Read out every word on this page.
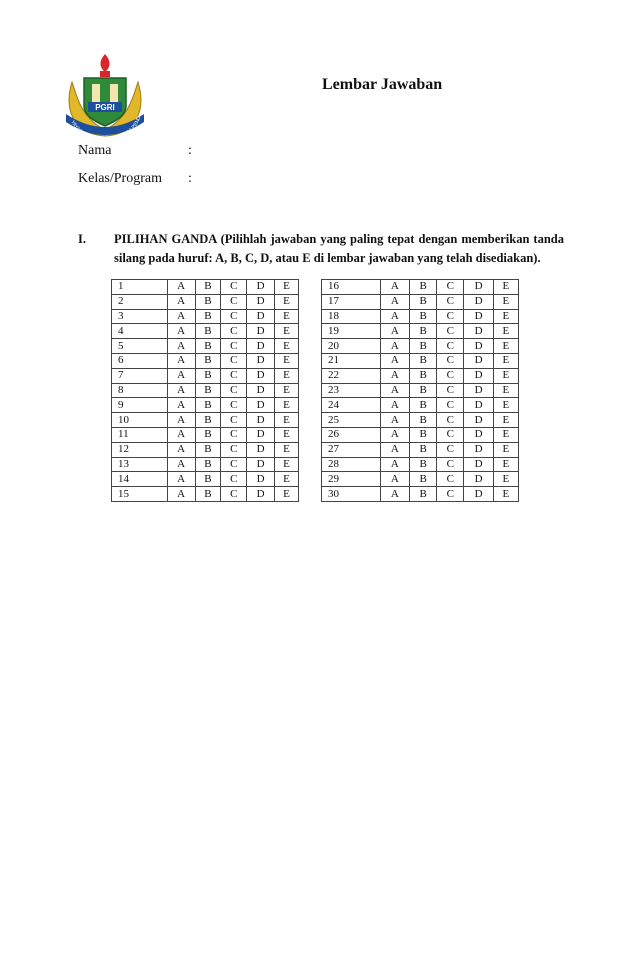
PGRI
YAYASAN PEMBINA LEMBAGA PEND
Lembar Jawaban
Nama	:
Kelas/Program :
I. PILIHAN GANDA (Pilihlah jawaban yang paling tepat dengan memberikan tanda silang pada huruf: A, B, C, D, atau E di lembar jawaban yang telah disediakan).
1	A	B	C	D	E
2	A	B	C	D	E
3	A	B	C	D	E
4	A	B	C	D	E
5	A	B	C	D	E
6	A	B	C	D	E
7	A	B	C	D	E
8	A	B	C	D	E
9	A	B	C	D	E
10	A	B	C	D	E
11	A	B	C	D	E
12	A	B	C	D	E
13	A	B	C	D	E
14	A	B	C	D	E
15	A	B	C	D	E
16	A	B	C	D	E
17	A	B	C	D	E
18	A	B	C	D	E
19	A	B	C	D	E
20	A	B	C	D	E
21	A	B	C	D	E
22	A	B	C	D	E
23	A	B	C	D	E
24	A	B	C	D	E
25	A	B	C	D	E
26	A	B	C	D	E
27	A	B	C	D	E
28	A	B	C	D	E
29	A	B	C	D	E
30	A	B	C	D	E
